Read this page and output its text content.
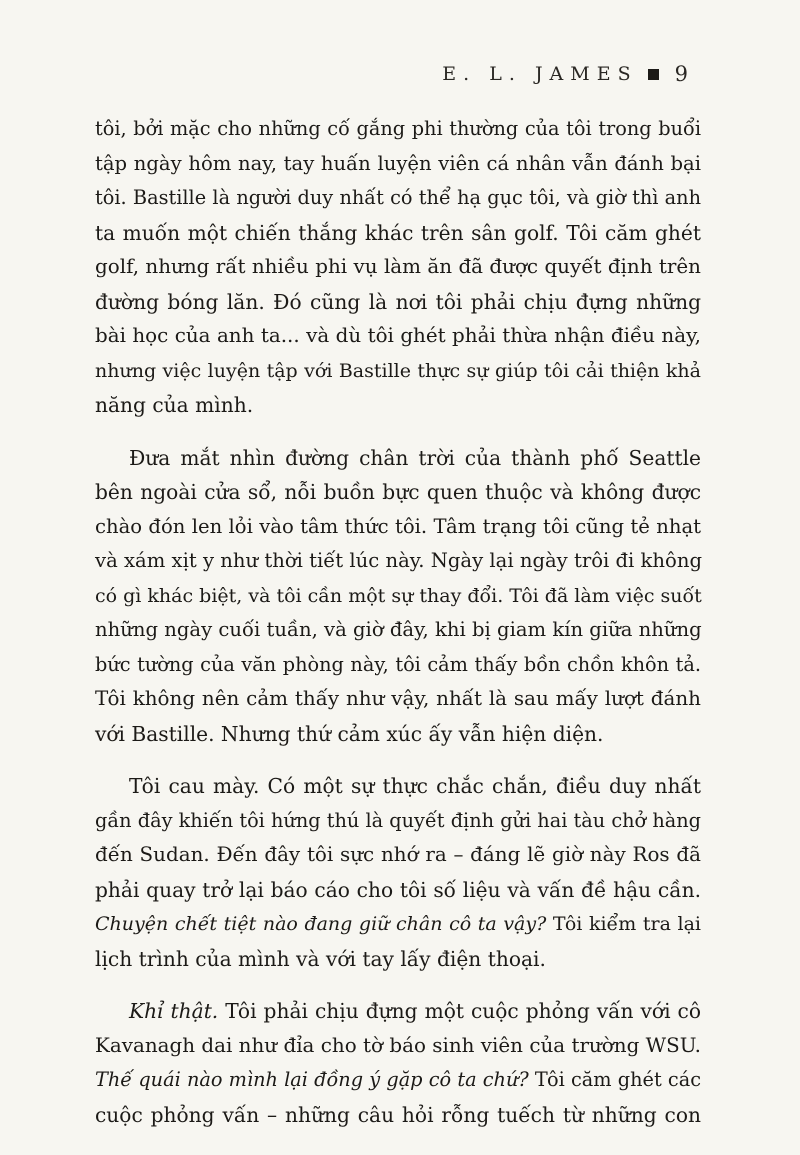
E. L. JAMES 9
tôi, bởi mặc cho những cố gắng phi thường của tôi trong buổi
tập ngày hôm nay, tay huấn luyện viên cá nhân vẫn đánh bại
tôi. Bastille là người duy nhất có thể hạ gục tôi, và giờ thì anh
ta muốn một chiến thắng khác trên sân golf. Tôi căm ghét
golf, nhưng rất nhiều phi vụ làm ăn đã được quyết định trên
đường bóng lăn. Đó cũng là nơi tôi phải chịu đựng những
bài học của anh ta... và dù tôi ghét phải thừa nhận điều này,
nhưng việc luyện tập với Bastille thực sự giúp tôi cải thiện khả
năng của mình.
Đưa mắt nhìn đường chân trời của thành phố Seattle
bên ngoài cửa sổ, nỗi buồn bực quen thuộc và không được
chào đón len lỏi vào tâm thức tôi. Tâm trạng tôi cũng tẻ nhạt
và xám xịt y như thời tiết lúc này. Ngày lại ngày trôi đi không
có gì khác biệt, và tôi cần một sự thay đổi. Tôi đã làm việc suốt
những ngày cuối tuần, và giờ đây, khi bị giam kín giữa những
bức tường của văn phòng này, tôi cảm thấy bồn chồn khôn tả.
Tôi không nên cảm thấy như vậy, nhất là sau mấy lượt đánh
với Bastille. Nhưng thứ cảm xúc ấy vẫn hiện diện.
Tôi cau mày. Có một sự thực chắc chắn, điều duy nhất
gần đây khiến tôi hứng thú là quyết định gửi hai tàu chở hàng
đến Sudan. Đến đây tôi sực nhớ ra – đáng lẽ giờ này Ros đã
phải quay trở lại báo cáo cho tôi số liệu và vấn đề hậu cần.
Chuyện chết tiệt nào đang giữ chân cô ta vậy? Tôi kiểm tra lại
lịch trình của mình và với tay lấy điện thoại.
Khỉ thật. Tôi phải chịu đựng một cuộc phỏng vấn với cô
Kavanagh dai như đỉa cho tờ báo sinh viên của trường WSU.
Thế quái nào mình lại đồng ý gặp cô ta chứ? Tôi căm ghét các
cuộc phỏng vấn – những câu hỏi rỗng tuếch từ những con
